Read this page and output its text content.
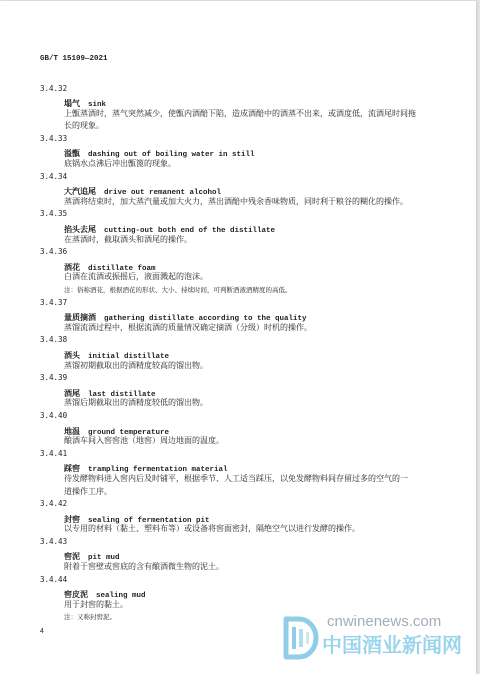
GB/T 15109—2021
3.4.32
塌气 sink
上甑蒸酒时，蒸气突然减少，使甑内酒醅下陷，造成酒醅中的酒蒸不出来，或酒度低，流酒尾时间拖
长的现象。
3.4.33
溢甑 dashing out of boiling water in still
底锅水点沸后冲出甑篦的现象。
3.4.34
大汽追尾 drive out remanent alcohol
蒸酒将结束时，加大蒸汽量或加大火力，蒸出酒醅中残余香味物质，同时利于粮谷的糊化的操作。
3.4.35
掐头去尾 cutting-out both end of the distillate
在蒸酒时，截取酒头和酒尾的操作。
3.4.36
酒花 distillate foam
白酒在流酒或振摇后，液面溅起的泡沫。
注：俗称酒花，根据酒花的形状、大小、持续时间，可判断酒液酒精度的高低。
3.4.37
量质摘酒 gathering distillate according to the quality
蒸馏流酒过程中，根据流酒的质量情况确定摘酒（分级）时机的操作。
3.4.38
酒头 initial distillate
蒸馏初期截取出的酒精度较高的馏出物。
3.4.39
酒尾 last distillate
蒸馏后期截取出的酒精度较低的馏出物。
3.4.40
地温 ground temperature
酿酒车间入窖窖池（地窖）周边地面的温度。
3.4.41
踩窖 trampling fermentation material
待发酵物料进入窖内后及时铺平，根据季节、人工适当踩压，以免发酵物料间存留过多的空气的一
道操作工序。
3.4.42
封窖 sealing of fermentation pit
以专用的材料（黏土、塑料布等）或设备将窖面密封，隔绝空气以进行发酵的操作。
3.4.43
窖泥 pit mud
附着于窖壁或窖底的含有酿酒微生物的泥土。
3.4.44
窖皮泥 sealing mud
用于封窖的黏土。
注：又称封窖泥。
4
cnwinenews.com
中国酒业新闻网
